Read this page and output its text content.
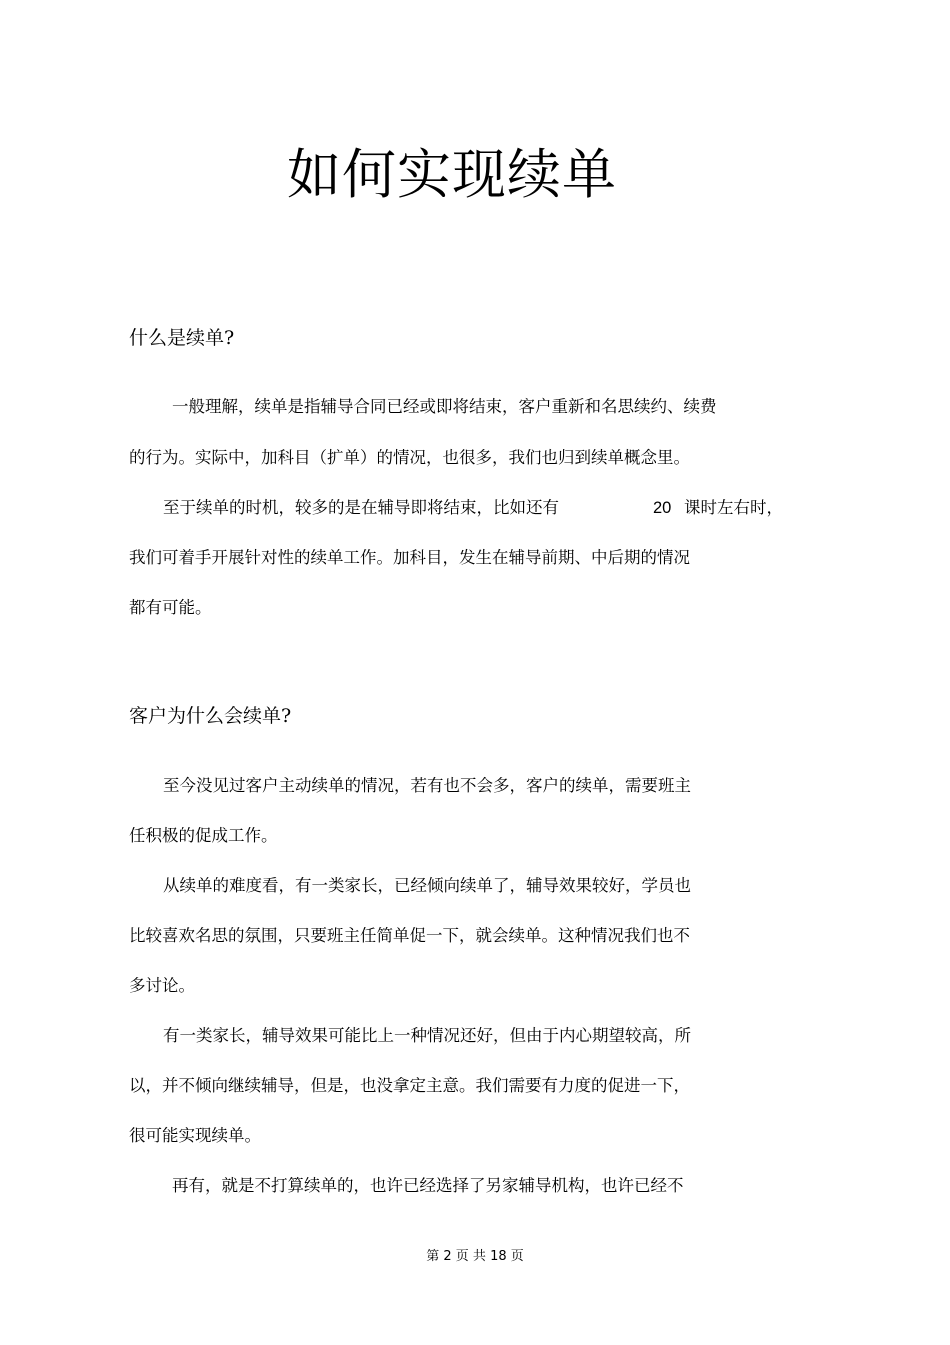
如何实现续单
什么是续单?
一般理解，续单是指辅导合同已经或即将结束，客户重新和名思续约、续费
的行为。实际中，加科目（扩单）的情况，也很多，我们也归到续单概念里。
至于续单的时机，较多的是在辅导即将结束，比如还有	20 课时左右时，
我们可着手开展针对性的续单工作。加科目，发生在辅导前期、中后期的情况
都有可能。
客户为什么会续单?
至今没见过客户主动续单的情况，若有也不会多，客户的续单，需要班主
任积极的促成工作。
从续单的难度看，有一类家长，已经倾向续单了，辅导效果较好，学员也
比较喜欢名思的氛围，只要班主任简单促一下，就会续单。这种情况我们也不
多讨论。
有一类家长，辅导效果可能比上一种情况还好，但由于内心期望较高，所
以，并不倾向继续辅导，但是，也没拿定主意。我们需要有力度的促进一下，
很可能实现续单。
再有，就是不打算续单的，也许已经选择了另家辅导机构，也许已经不
第 2 页 共 18 页
